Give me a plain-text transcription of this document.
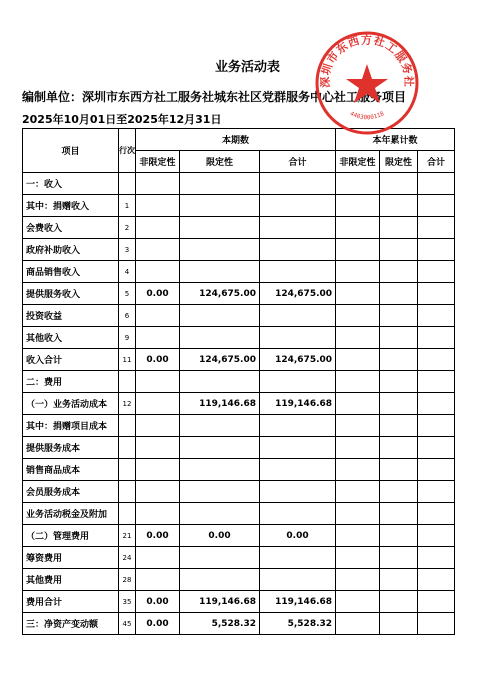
业务活动表
编制单位：深圳市东西方社工服务社城东社区党群服务中心社工服务项目
2025年10月01日至2025年12月31日
项目	行次	本期数			本年累计数		
		非限定性	限定性	合计	非限定性	限定性	合计
一：收入							
其中：捐赠收入	1						
会费收入	2						
政府补助收入	3						
商品销售收入	4						
提供服务收入	5	0.00	124,675.00	124,675.00			
投资收益	6						
其他收入	9						
收入合计	11	0.00	124,675.00	124,675.00			
二：费用							
（一）业务活动成本	12		119,146.68	119,146.68			
其中：捐赠项目成本							
提供服务成本							
销售商品成本							
会员服务成本							
业务活动税金及附加							
（二）管理费用	21	0.00	0.00	0.00			
筹资费用	24						
其他费用	28						
费用合计	35	0.00	119,146.68	119,146.68			
三：净资产变动额	45	0.00	5,528.32	5,528.32			
深圳市东西方社工服务社
4403000118
